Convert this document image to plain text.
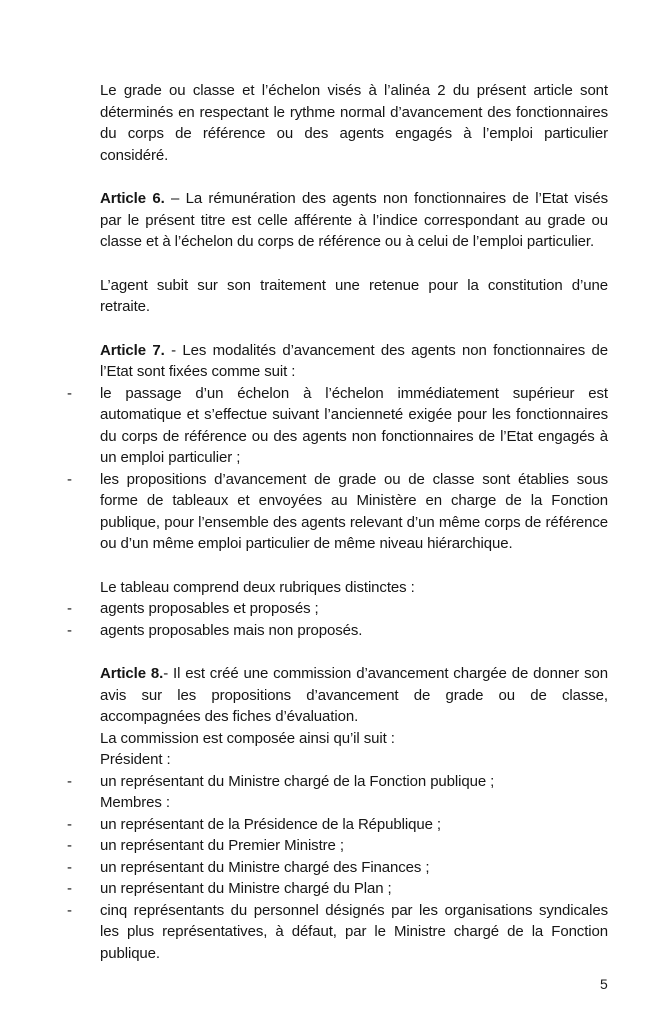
Le grade ou classe et l’échelon visés à l’alinéa 2 du présent article sont déterminés en respectant le rythme normal d’avancement des fonctionnaires du corps de référence ou des agents engagés à l’emploi particulier considéré.

Article 6. – La rémunération des agents non fonctionnaires de l’Etat visés par le présent titre est celle afférente à l’indice correspondant au grade ou classe et à l’échelon du corps de référence ou à celui de l’emploi particulier.

L’agent subit sur son traitement une retenue pour la constitution d’une retraite.

Article 7. - Les modalités d’avancement des agents non fonctionnaires de l’Etat sont fixées comme suit :

-	le passage d’un échelon à l’échelon immédiatement supérieur est automatique et s’effectue suivant l’ancienneté exigée pour les fonctionnaires du corps de référence ou des agents non fonctionnaires de l’Etat engagés à un emploi particulier ;
-	les propositions d’avancement de grade ou de classe sont établies sous forme de tableaux et envoyées au Ministère en charge de la Fonction publique, pour l’ensemble des agents relevant d’un même corps de référence ou d’un même emploi particulier de même niveau hiérarchique.

Le tableau comprend deux rubriques distinctes :

-	agents proposables et proposés ;
-	agents proposables mais non proposés.

Article 8.- Il est créé une commission d’avancement chargée de donner son avis sur les propositions d’avancement de grade ou de classe, accompagnées des fiches d’évaluation.

La commission est composée ainsi qu’il suit :

Président :

-	un représentant du Ministre chargé de la Fonction publique ;

Membres :

-	un représentant de la Présidence de la République ;
-	un représentant du Premier Ministre ;
-	un représentant du Ministre chargé des Finances ;
-	un représentant du Ministre chargé du Plan ;
-	cinq représentants du personnel désignés par les organisations syndicales les plus représentatives, à défaut, par le Ministre chargé de la Fonction publique.
5
